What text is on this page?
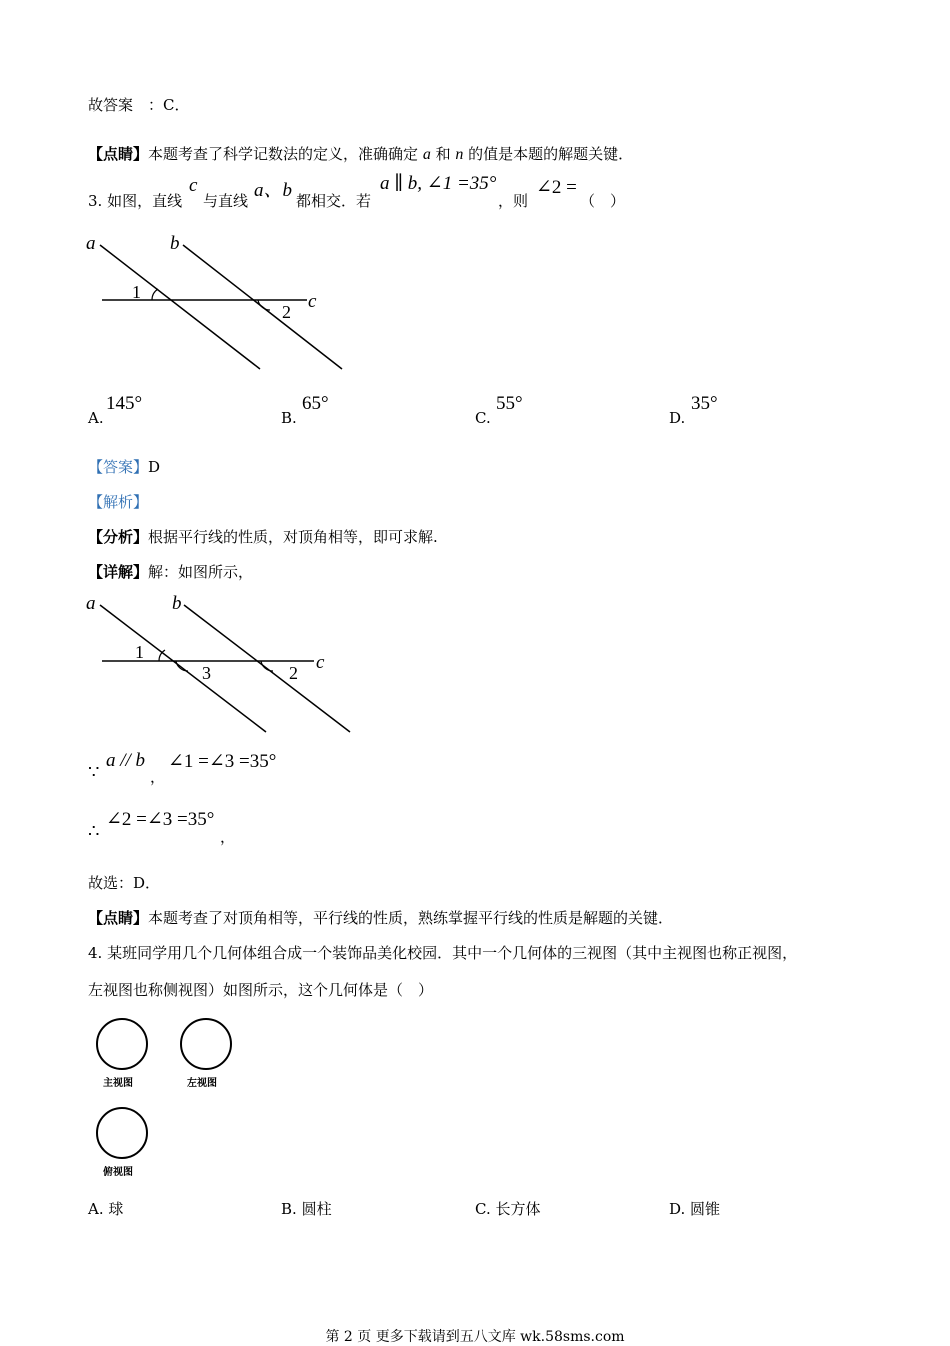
故答案　：C．
【点睛】本题考查了科学记数法的定义，准确确定 a 和 n 的值是本题的解题关键．
3. 如图，直线
c
与直线 a、b 都相交．若
a ∥ b, ∠1 =35°
，则
∠2 =
（　）
a	b
c
1
2
A.
145°
B.
65°
C.
55°
D.
35°
【答案】D
【解析】
【分析】根据平行线的性质，对顶角相等，即可求解.
【详解】解：如图所示，
a	b
c
1
3	2
∵
a // b
，
∠1 =∠3 =35°
∴
∠2 =∠3 =35°
，
故选：D．
【点睛】本题考查了对顶角相等，平行线的性质，熟练掌握平行线的性质是解题的关键．
4. 某班同学用几个几何体组合成一个装饰品美化校园．其中一个几何体的三视图（其中主视图也称正视图，
左视图也称侧视图）如图所示，这个几何体是（　）
主视图	左视图
俯视图
A. 球	B. 圆柱	C. 长方体	D. 圆锥
第 2 页 更多下载请到五八文库 wk.58sms.com
